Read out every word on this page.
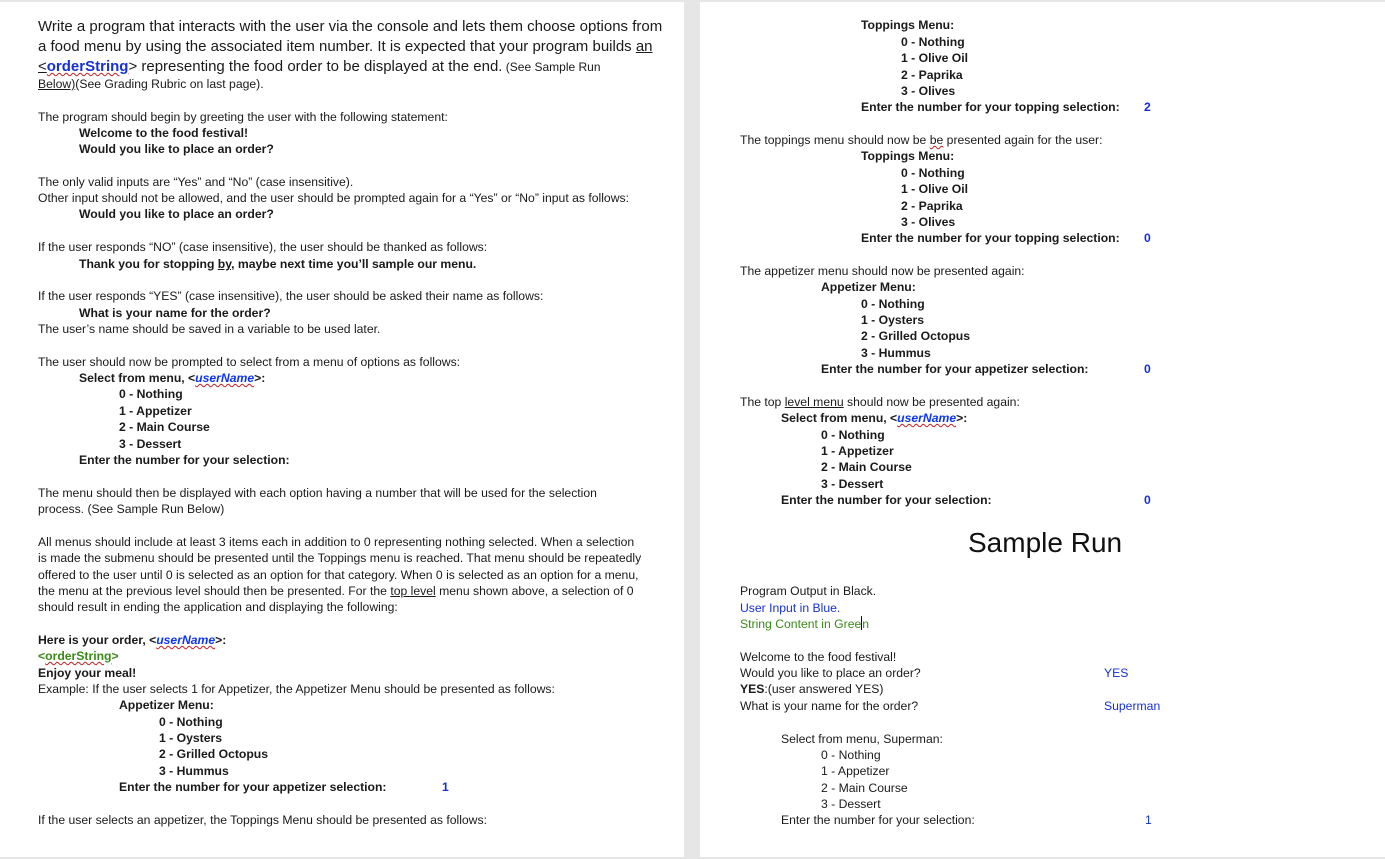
Write a program that interacts with the user via the console and lets them choose options from
a food menu by using the associated item number. It is expected that your program builds an
<orderString> representing the food order to be displayed at the end. (See Sample Run
Below)(See Grading Rubric on last page).
The program should begin by greeting the user with the following statement:
Welcome to the food festival!
Would you like to place an order?
The only valid inputs are “Yes” and “No” (case insensitive).
Other input should not be allowed, and the user should be prompted again for a “Yes” or “No” input as follows:
Would you like to place an order?
If the user responds “NO” (case insensitive), the user should be thanked as follows:
Thank you for stopping by, maybe next time you’ll sample our menu.
If the user responds “YES” (case insensitive), the user should be asked their name as follows:
What is your name for the order?
The user’s name should be saved in a variable to be used later.
The user should now be prompted to select from a menu of options as follows:
Select from menu, <userName>:
0 - Nothing
1 - Appetizer
2 - Main Course
3 - Dessert
Enter the number for your selection:
The menu should then be displayed with each option having a number that will be used for the selection
process. (See Sample Run Below)
All menus should include at least 3 items each in addition to 0 representing nothing selected. When a selection
is made the submenu should be presented until the Toppings menu is reached. That menu should be repeatedly
offered to the user until 0 is selected as an option for that category. When 0 is selected as an option for a menu,
the menu at the previous level should then be presented. For the top level menu shown above, a selection of 0
should result in ending the application and displaying the following:
Here is your order, <userName>:
<orderString>
Enjoy your meal!
Example: If the user selects 1 for Appetizer, the Appetizer Menu should be presented as follows:
Appetizer Menu:
0 - Nothing
1 - Oysters
2 - Grilled Octopus
3 - Hummus
Enter the number for your appetizer selection:	1
If the user selects an appetizer, the Toppings Menu should be presented as follows:
Toppings Menu:
0 - Nothing
1 - Olive Oil
2 - Paprika
3 - Olives
Enter the number for your topping selection: 2
The toppings menu should now be be presented again for the user:
Toppings Menu:
0 - Nothing
1 - Olive Oil
2 - Paprika
3 - Olives
Enter the number for your topping selection: 0
The appetizer menu should now be presented again:
Appetizer Menu:
0 - Nothing
1 - Oysters
2 - Grilled Octopus
3 - Hummus
Enter the number for your appetizer selection:	0
The top level menu should now be presented again:
Select from menu, <userName>:
0 - Nothing
1 - Appetizer
2 - Main Course
3 - Dessert
Enter the number for your selection:	0
Sample Run
Program Output in Black.
User Input in Blue.
String Content in Green
Welcome to the food festival!
Would you like to place an order?	YES
YES:(user answered YES)
What is your name for the order?	Superman
Select from menu, Superman:
0 - Nothing
1 - Appetizer
2 - Main Course
3 - Dessert
Enter the number for your selection:	1
